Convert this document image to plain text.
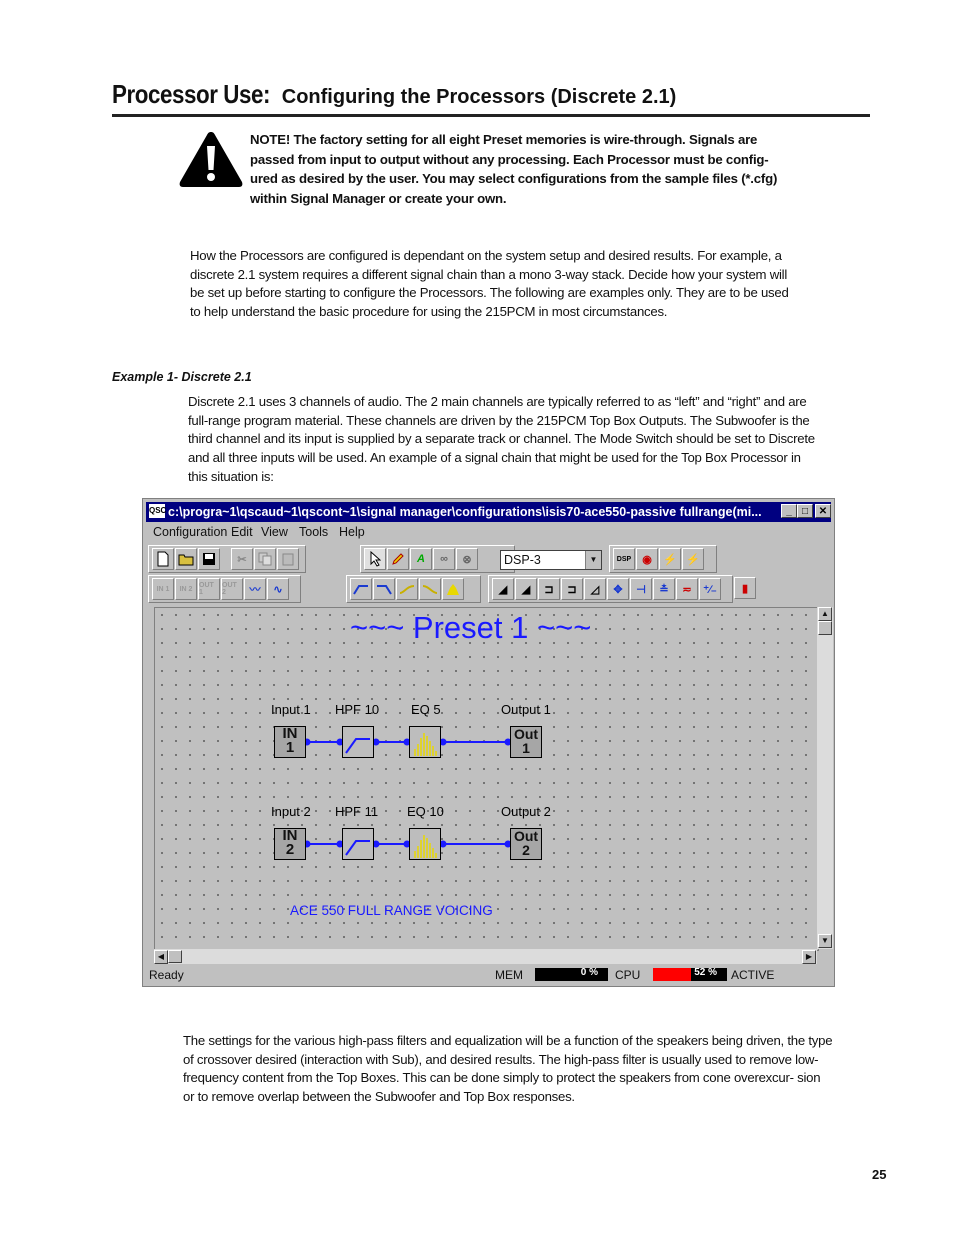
Processor Use: Configuring the Processors (Discrete 2.1)
NOTE! The factory setting for all eight Preset memories is wire-through. Signals are passed from input to output without any processing. Each Processor must be config- ured as desired by the user. You may select configurations from the sample files (*.cfg) within Signal Manager or create your own.
How the Processors are configured is dependant on the system setup and desired results. For example, a discrete 2.1 system requires a different signal chain than a mono 3-way stack. Decide how your system will be set up before starting to configure the Processors. The following are examples only. They are to be used to help understand the basic procedure for using the 215PCM in most circumstances.
Example 1- Discrete 2.1
Discrete 2.1 uses 3 channels of audio. The 2 main channels are typically referred to as “left” and “right” and are full-range program material. These channels are driven by the 215PCM Top Box Outputs. The Subwoofer is the third channel and its input is supplied by a separate track or channel. The Mode Switch should be set to Discrete and all three inputs will be used. An example of a signal chain that might be used for the Top Box Processor in this situation is:
QSC c:\progra~1\qscaud~1\qscont~1\signal manager\configurations\isis70-ace550-passive fullrange(mi...	_	□	✕
Configuration Edit View Tools Help
✂	A	∞	⊗	DSP-3	▼	DSP ◉	⚡ ⚡
IN 1	IN 2 OUT 1
OUT 2	〰	∿	◢	◢	⊐	⊐	◿	✥	⊣	≛	≂	⁺∕₋	▮
~~~ Preset 1 ~~~
Input 1 HPF 10 EQ 5	Output 1
IN
1
Out
1
Input 2 HPF 11 EQ 10	Output 2
IN
2
Out
2
ACE 550 FULL RANGE VOICING
▲
▼
◀	▶
Ready	MEM	0 % CPU	52 % ACTIVE
The settings for the various high-pass filters and equalization will be a function of the speakers being driven, the type of crossover desired (interaction with Sub), and desired results. The high-pass filter is usually used to remove low-frequency content from the Top Boxes. This can be done simply to protect the speakers from cone overexcur- sion or to remove overlap between the Subwoofer and Top Box responses.
25
